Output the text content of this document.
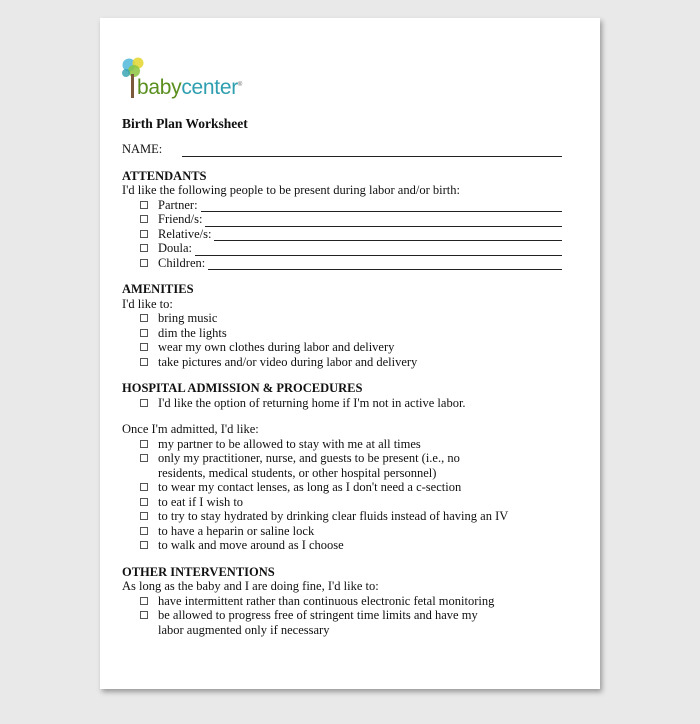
babycenter®
Birth Plan Worksheet
NAME:
ATTENDANTS

I'd like the following people to be present during labor and/or birth:

Partner:
Friend/s:
Relative/s:
Doula:
Children:
AMENITIES

I'd like to:

bring music
dim the lights
wear my own clothes during labor and delivery
take pictures and/or video during labor and delivery
HOSPITAL ADMISSION & PROCEDURES
I'd like the option of returning home if I'm not in active labor.

Once I'm admitted, I'd like:

my partner to be allowed to stay with me at all times
only my practitioner, nurse, and guests to be present (i.e., no residents, medical students, or other hospital personnel)
to wear my contact lenses, as long as I don't need a c-section
to eat if I wish to
to try to stay hydrated by drinking clear fluids instead of having an IV
to have a heparin or saline lock
to walk and move around as I choose
OTHER INTERVENTIONS

As long as the baby and I are doing fine, I'd like to:

have intermittent rather than continuous electronic fetal monitoring
be allowed to progress free of stringent time limits and have my labor augmented only if necessary
